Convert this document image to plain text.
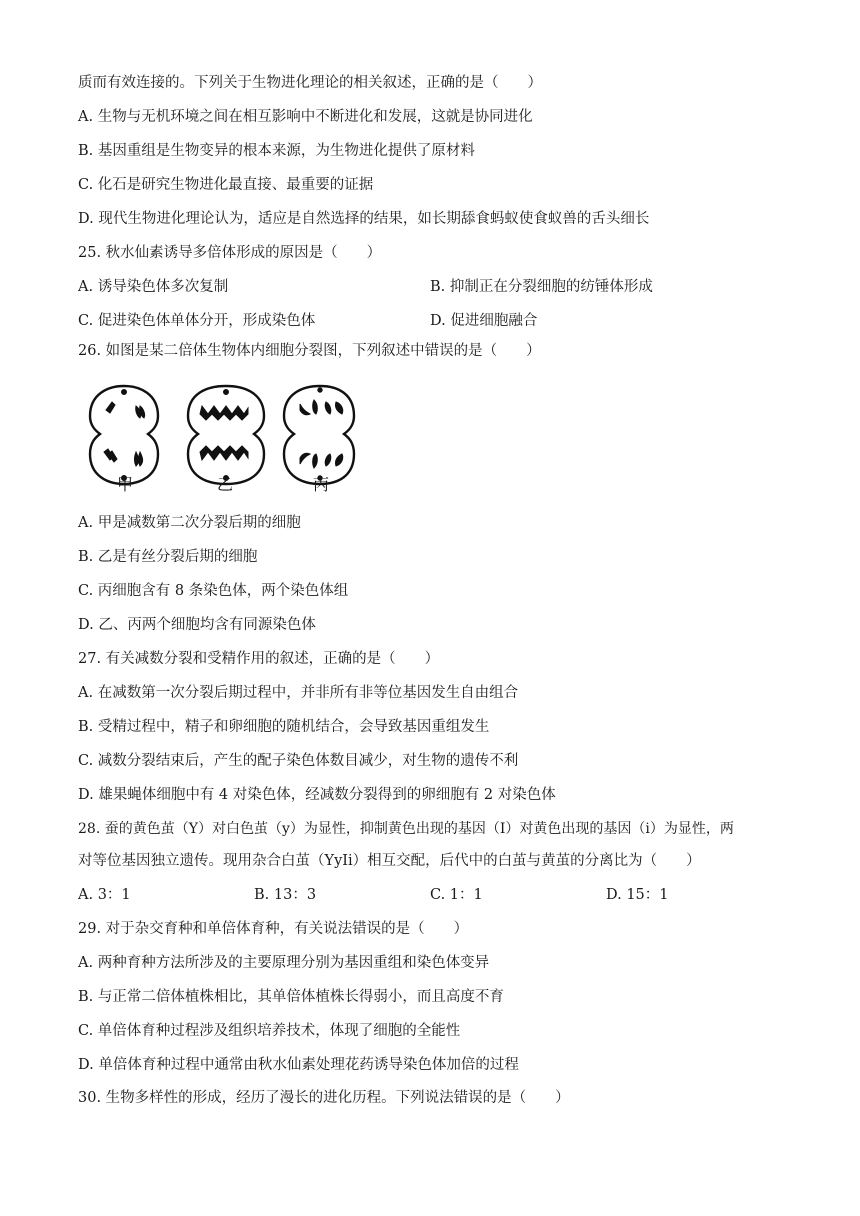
质而有效连接的。下列关于生物进化理论的相关叙述，正确的是（　　）
A. 生物与无机环境之间在相互影响中不断进化和发展，这就是协同进化
B. 基因重组是生物变异的根本来源，为生物进化提供了原材料
C. 化石是研究生物进化最直接、最重要的证据
D. 现代生物进化理论认为，适应是自然选择的结果，如长期舔食蚂蚁使食蚁兽的舌头细长
25. 秋水仙素诱导多倍体形成的原因是（　　）
A. 诱导染色体多次复制	B. 抑制正在分裂细胞的纺锤体形成
C. 促进染色体单体分开，形成染色体	D. 促进细胞融合
26. 如图是某二倍体生物体内细胞分裂图，下列叙述中错误的是（　　）
甲	乙	丙
A. 甲是减数第二次分裂后期的细胞
B. 乙是有丝分裂后期的细胞
C. 丙细胞含有 8 条染色体，两个染色体组
D. 乙、丙两个细胞均含有同源染色体
27. 有关减数分裂和受精作用的叙述，正确的是（　　）
A. 在减数第一次分裂后期过程中，并非所有非等位基因发生自由组合
B. 受精过程中，精子和卵细胞的随机结合，会导致基因重组发生
C. 减数分裂结束后，产生的配子染色体数目减少，对生物的遗传不利
D. 雄果蝇体细胞中有 4 对染色体，经减数分裂得到的卵细胞有 2 对染色体
28. 蚕的黄色茧（Y）对白色茧（y）为显性，抑制黄色出现的基因（I）对黄色出现的基因（i）为显性，两
对等位基因独立遗传。现用杂合白茧（YyIi）相互交配，后代中的白茧与黄茧的分离比为（　　）
A. 3：1	B. 13：3	C. 1：1	D. 15：1
29. 对于杂交育种和单倍体育种，有关说法错误的是（　　）
A. 两种育种方法所涉及的主要原理分别为基因重组和染色体变异
B. 与正常二倍体植株相比，其单倍体植株长得弱小，而且高度不育
C. 单倍体育种过程涉及组织培养技术，体现了细胞的全能性
D. 单倍体育种过程中通常由秋水仙素处理花药诱导染色体加倍的过程
30. 生物多样性的形成，经历了漫长的进化历程。下列说法错误的是（　　）
